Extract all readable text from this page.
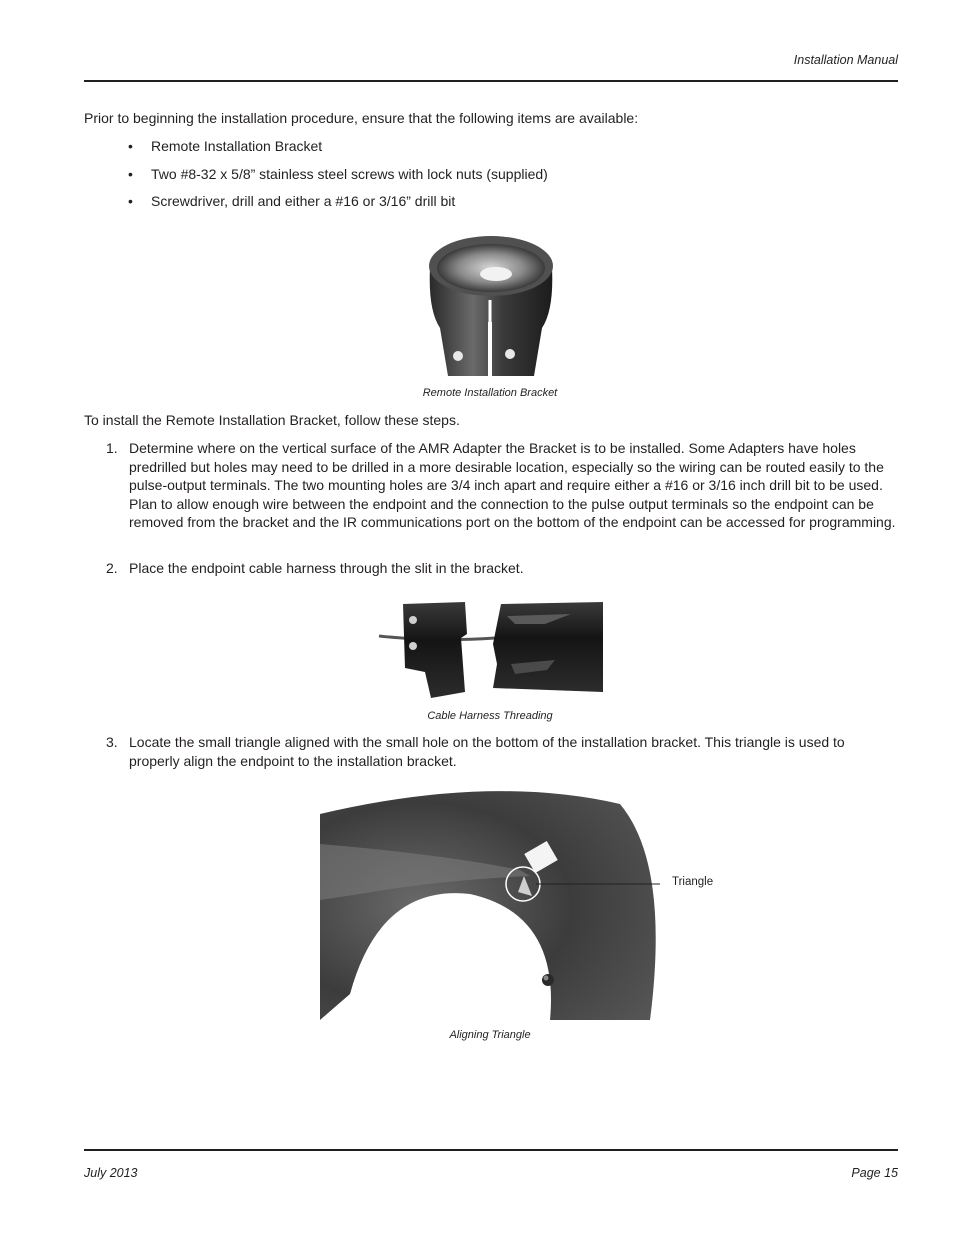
Installation Manual
Prior to beginning the installation procedure, ensure that the following items are available:
• Remote Installation Bracket
• Two #8-32 x 5/8” stainless steel screws with lock nuts (supplied)
• Screwdriver, drill and either a #16 or 3/16” drill bit
Remote Installation Bracket
To install the Remote Installation Bracket, follow these steps.
1. Determine where on the vertical surface of the AMR Adapter the Bracket is to be installed. Some Adapters have holes predrilled but holes may need to be drilled in a more desirable location, especially so the wiring can be routed easily to the pulse-output terminals. The two mounting holes are 3/4 inch apart and require either a #16 or 3/16 inch drill bit to be used. Plan to allow enough wire between the endpoint and the connection to the pulse output terminals so the endpoint can be removed from the bracket and the IR communications port on the bottom of the endpoint can be accessed for programming.
2. Place the endpoint cable harness through the slit in the bracket.
Cable Harness Threading
3. Locate the small triangle aligned with the small hole on the bottom of the installation bracket. This triangle is used to properly align the endpoint to the installation bracket.
Triangle
Aligning Triangle
July 2013	Page 15
